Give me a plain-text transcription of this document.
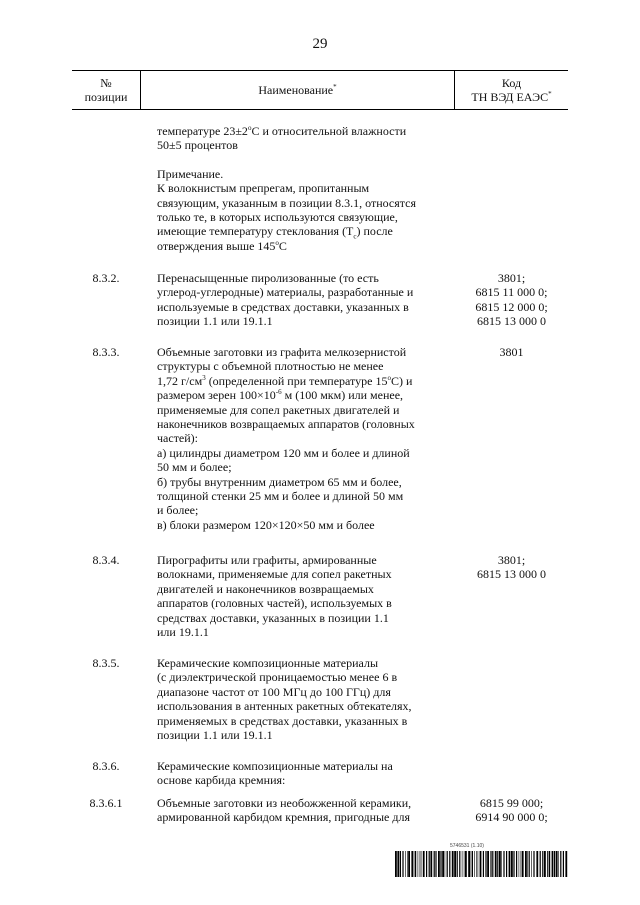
29
№
позиции	Наименование*	Код
ТН ВЭД ЕАЭС*
температуре $23\pm 2^oС$ и относительной влажности
50±5 процентов
Примечание.
К волокнистым препрегам, пропитанным
связующим, указанным в позиции 8.3.1, относятся
только те, в которых используются связующие,
имеющие температуру стеклования $(Т_с)$ после
отверждения выше 145$^o$С
8.3.2.	Перенасыщенные пиролизованные (то есть
углерод-углеродные) материалы, разработанные и
используемые в средствах доставки, указанных в
позиции 1.1 или 19.1.1
3801;
6815 11 000 0;
6815 12 000 0;
6815 13 000 0
8.3.3.	Объемные заготовки из графита мелкозернистой
структуры с объемной плотностью не менее
1,72 $г/см^3$ (определенной при температуре 15$^o$С) и
размером зерен $100\times 10^{-6}$ м (100 мкм) или менее,
применяемые для сопел ракетных двигателей и
наконечников возвращаемых аппаратов (головных
частей):
а) цилиндры диаметром 120 мм и более и длиной
50 мм и более;
б) трубы внутренним диаметром 65 мм и более,
толщиной стенки 25 мм и более и длиной 50 мм
и более;
в) блоки размером 120×120×50 мм и более
3801
8.3.4.	Пирографиты или графиты, армированные
волокнами, применяемые для сопел ракетных
двигателей и наконечников возвращаемых
аппаратов (головных частей), используемых в
средствах доставки, указанных в позиции 1.1
или 19.1.1
3801;
6815 13 000 0
8.3.5.	Керамические композиционные материалы
(с диэлектрической проницаемостью менее 6 в
диапазоне частот от 100 МГц до 100 ГГц) для
использования в антенных ракетных обтекателях,
применяемых в средствах доставки, указанных в
позиции 1.1 или 19.1.1
8.3.6.	Керамические композиционные материалы на
основе карбида кремния:
8.3.6.1	Объемные заготовки из необожженной керамики,
армированной карбидом кремния, пригодные для
6815 99 000;
6914 90 000 0;
5746531 (1.10)
